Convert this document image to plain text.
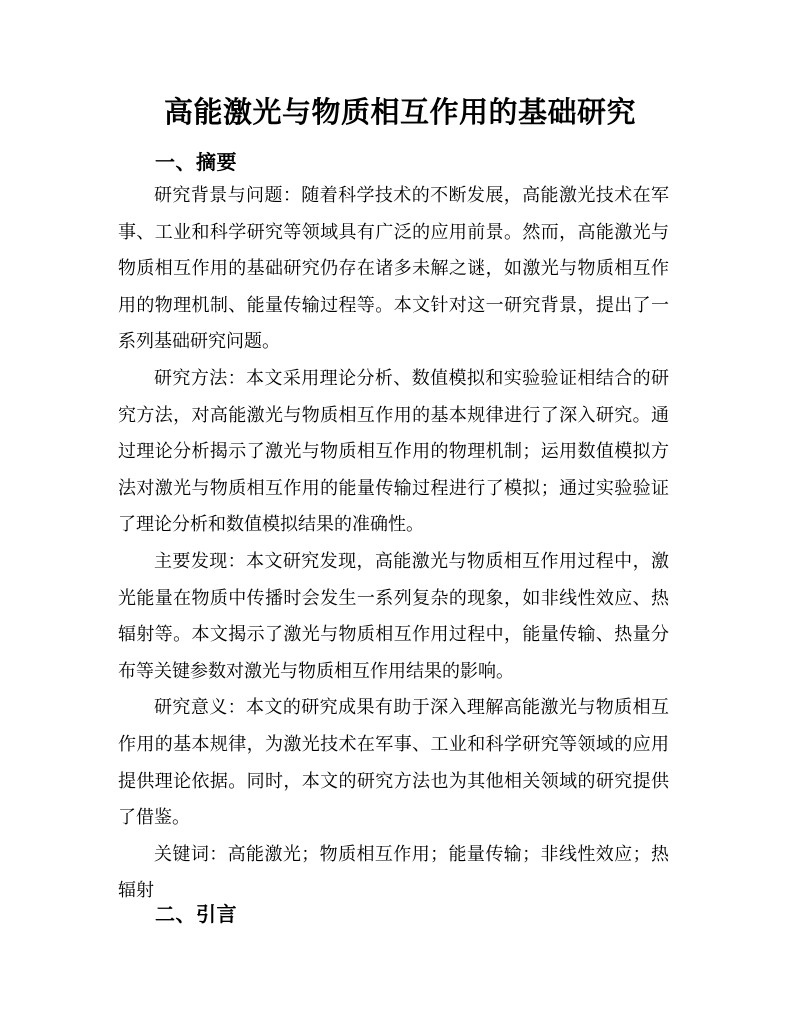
高能激光与物质相互作用的基础研究
一、摘要

研究背景与问题：随着科学技术的不断发展，高能激光技术在军事、工业和科学研究等领域具有广泛的应用前景。然而，高能激光与物质相互作用的基础研究仍存在诸多未解之谜，如激光与物质相互作用的物理机制、能量传输过程等。本文针对这一研究背景，提出了一系列基础研究问题。

研究方法：本文采用理论分析、数值模拟和实验验证相结合的研究方法，对高能激光与物质相互作用的基本规律进行了深入研究。通过理论分析揭示了激光与物质相互作用的物理机制；运用数值模拟方法对激光与物质相互作用的能量传输过程进行了模拟；通过实验验证了理论分析和数值模拟结果的准确性。

主要发现：本文研究发现，高能激光与物质相互作用过程中，激光能量在物质中传播时会发生一系列复杂的现象，如非线性效应、热辐射等。本文揭示了激光与物质相互作用过程中，能量传输、热量分布等关键参数对激光与物质相互作用结果的影响。

研究意义：本文的研究成果有助于深入理解高能激光与物质相互作用的基本规律，为激光技术在军事、工业和科学研究等领域的应用提供理论依据。同时，本文的研究方法也为其他相关领域的研究提供了借鉴。

关键词：高能激光；物质相互作用；能量传输；非线性效应；热辐射

二、引言
